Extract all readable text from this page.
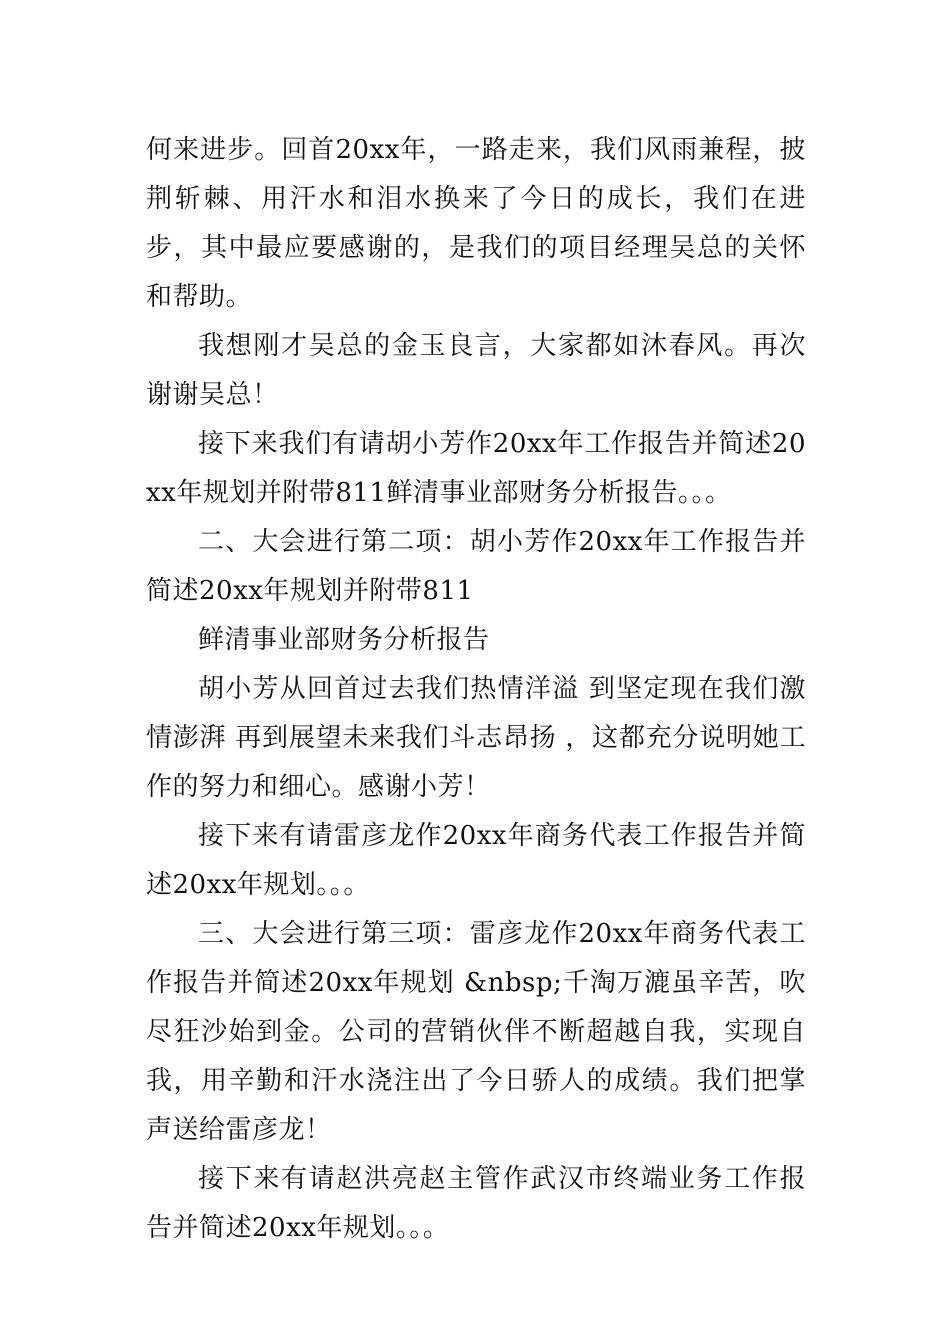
何来进步。回首20xx年，一路走来，我们风雨兼程，披荆斩棘、用汗水和泪水换来了今日的成长，我们在进步，其中最应要感谢的，是我们的项目经理吴总的关怀和帮助。

我想刚才吴总的金玉良言，大家都如沐春风。再次谢谢吴总！

接下来我们有请胡小芳作20xx年工作报告并简述20xx年规划并附带811鲜清事业部财务分析报告。。。

二、大会进行第二项：胡小芳作20xx年工作报告并简述20xx年规划并附带811

鲜清事业部财务分析报告

胡小芳从回首过去我们热情洋溢 到坚定现在我们激情澎湃 再到展望未来我们斗志昂扬 ，这都充分说明她工作的努力和细心。感谢小芳！

接下来有请雷彦龙作20xx年商务代表工作报告并简述20xx年规划。。。

三、大会进行第三项：雷彦龙作20xx年商务代表工作报告并简述20xx年规划 &nbsp;千淘万漉虽辛苦，吹尽狂沙始到金。公司的营销伙伴不断超越自我，实现自我，用辛勤和汗水浇注出了今日骄人的成绩。我们把掌声送给雷彦龙！

接下来有请赵洪亮赵主管作武汉市终端业务工作报告并简述20xx年规划。。。
